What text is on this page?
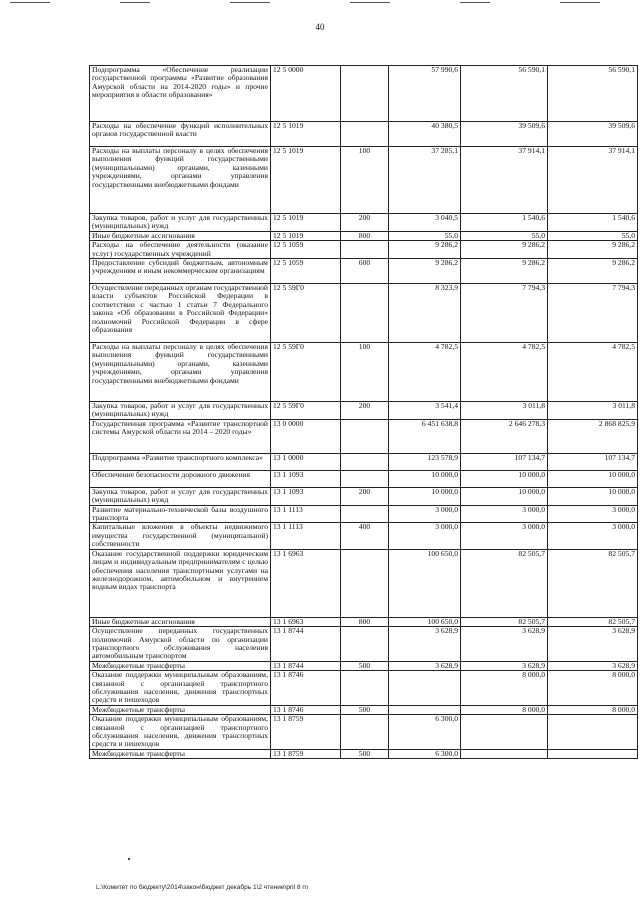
40
Подпрограмма «Обеспечение реализации государственной программы «Развитие образования Амурской области на 2014-2020 годы» и прочие мероприятия в области образования»	12 5 0000		57 990,6	56 590,1	56 590,1
Расходы на обеспечение функций исполнительных органов государственной власти	12 5 1019		40 380,5	39 509,6	39 509,6
Расходы на выплаты персоналу в целях обеспечения выполнения функций государственными (муниципальными) органами, казенными учреждениями, органами управления государственными внебюджетными фондами	12 5 1019	100	37 285,1	37 914,1	37 914,1
Закупка товаров, работ и услуг для государственных (муниципальных) нужд	12 5 1019	200	3 040,5	1 540,6	1 540,6
Иные бюджетные ассигнования	12 5 1019	800	55,0	55,0	55,0
Расходы на обеспечение деятельности (оказание услуг) государственных учреждений	12 5 1059		9 286,2	9 286,2	9 286,2
Предоставление субсидий бюджетным, автономным учреждениям и иным некоммерческим организациям	12 5 1059	600	9 286,2	9 286,2	9 286,2
Осуществление переданных органам государственной власти субъектов Российской Федерации в соответствии с частью 1 статьи 7 Федерального закона «Об образовании в Российской Федерации» полномочий Российской Федерации в сфере образования	12 5 59Г0		8 323,9	7 794,3	7 794,3
Расходы на выплаты персоналу в целях обеспечения выполнения функций государственными (муниципальными) органами, казенными учреждениями, органами управления государственными внебюджетными фондами	12 5 59Г0	100	4 782,5	4 782,5	4 782,5
Закупка товаров, работ и услуг для государственных (муниципальных) нужд	12 5 59Г0	200	3 541,4	3 011,8	3 011,8
Государственная программа «Развитие транспортной системы Амурской области на 2014 – 2020 годы»	13 0 0000		6 451 638,8	2 646 278,3	2 868 825,9
Подпрограмма «Развитие транспортного комплекса»	13 1 0000		123 578,9	107 134,7	107 134,7
Обеспечение безопасности дорожного движения	13 1 1093		10 000,0	10 000,0	10 000,0
Закупка товаров, работ и услуг для государственных (муниципальных) нужд	13 1 1093	200	10 000,0	10 000,0	10 000,0
Развитие материально-технической базы воздушного транспорта	13 1 1113		3 000,0	3 000,0	3 000,0
Капитальные вложения в объекты недвижимого имущества государственной (муниципальной) собственности	13 1 1113	400	3 000,0	3 000,0	3 000,0
Оказание государственной поддержки юридическим лицам и индивидуальным предпринимателям с целью обеспечения населения транспортными услугами на железнодорожном, автомобильном и внутреннем водным видах транспорта	13 1 6963		100 650,0	82 505,7	82 505,7
Иные бюджетные ассигнования	13 1 6963	800	100 650,0	82 505,7	82 505,7
Осуществление переданных государственных полномочий Амурской области по организации транспортного обслуживания населения автомобильным транспортом	13 1 8744		3 628,9	3 628,9	3 628,9
Межбюджетные трансферты	13 1 8744	500	3 628,9	3 628,9	3 628,9
Оказание поддержки муниципальным образованиям, связанной с организацией транспортного обслуживания населения, движения транспортных средств и пешеходов	13 1 8746			8 000,0	8 000,0
Межбюджетные трансферты	13 1 8746	500		8 000,0	8 000,0
Оказание поддержки муниципальным образованиям, связанной с организацией транспортного обслуживания населения, движения транспортных средств и пешеходов	13 1 8759		6 300,0		
Межбюджетные трансферты	13 1 8759	500	6 300,0		
L:\Комитет по бюджету\2014\закон\бюджет декабрь 1\2 чтение\pril 8 rn
